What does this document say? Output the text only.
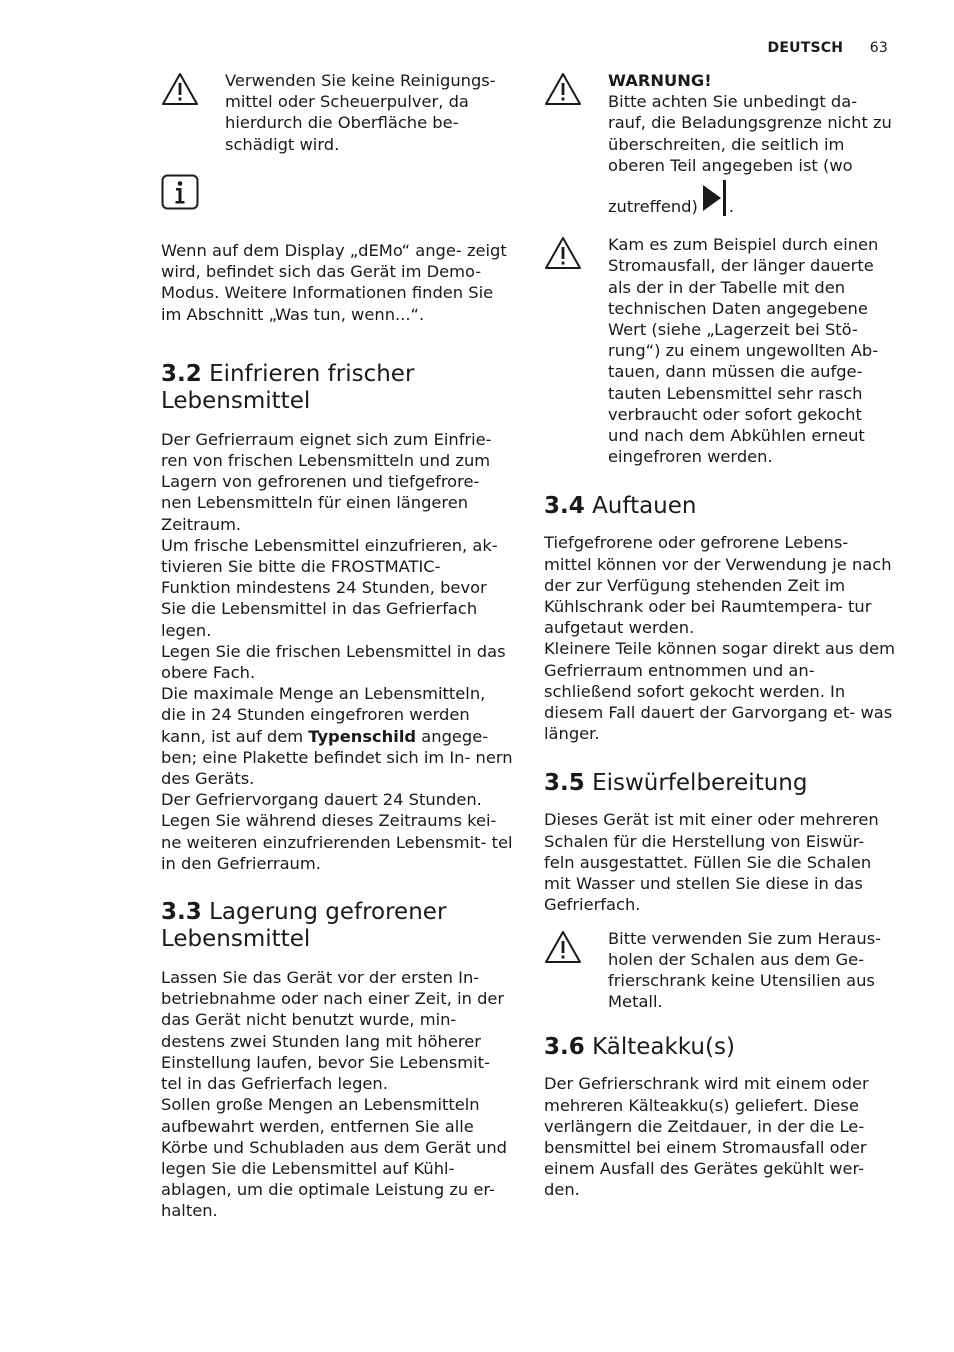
DEUTSCH 63

Verwenden Sie keine Reinigungs- mittel oder Scheuerpulver, da hierdurch die Oberfläche be- schädigt wird.

Wenn auf dem Display „dEMo“ ange- zeigt wird, befindet sich das Gerät im Demo-Modus. Weitere Informationen finden Sie im Abschnitt „Was tun, wenn...“.

3.2 Einfrieren frischer Lebensmittel

Der Gefrierraum eignet sich zum Einfrie- ren von frischen Lebensmitteln und zum Lagern von gefrorenen und tiefgefrore- nen Lebensmitteln für einen längeren Zeitraum.

Um frische Lebensmittel einzufrieren, ak- tivieren Sie bitte die FROSTMATIC- Funktion mindestens 24 Stunden, bevor Sie die Lebensmittel in das Gefrierfach legen.

Legen Sie die frischen Lebensmittel in das obere Fach.

Die maximale Menge an Lebensmitteln, die in 24 Stunden eingefroren werden kann, ist auf dem Typenschild angege- ben; eine Plakette befindet sich im In- nern des Geräts.

Der Gefriervorgang dauert 24 Stunden. Legen Sie während dieses Zeitraums kei- ne weiteren einzufrierenden Lebensmit- tel in den Gefrierraum.

3.3 Lagerung gefrorener Lebensmittel

Lassen Sie das Gerät vor der ersten In- betriebnahme oder nach einer Zeit, in der das Gerät nicht benutzt wurde, min- destens zwei Stunden lang mit höherer Einstellung laufen, bevor Sie Lebensmit- tel in das Gefrierfach legen.

Sollen große Mengen an Lebensmitteln aufbewahrt werden, entfernen Sie alle Körbe und Schubladen aus dem Gerät und legen Sie die Lebensmittel auf Kühl- ablagen, um die optimale Leistung zu er- halten.

WARNUNG!

Bitte achten Sie unbedingt da- rauf, die Beladungsgrenze nicht zu überschreiten, die seitlich im oberen Teil angegeben ist (wo

zutreffend) .

Kam es zum Beispiel durch einen Stromausfall, der länger dauerte als der in der Tabelle mit den technischen Daten angegebene Wert (siehe „Lagerzeit bei Stö- rung“) zu einem ungewollten Ab- tauen, dann müssen die aufge- tauten Lebensmittel sehr rasch verbraucht oder sofort gekocht und nach dem Abkühlen erneut eingefroren werden.

3.4 Auftauen

Tiefgefrorene oder gefrorene Lebens- mittel können vor der Verwendung je nach der zur Verfügung stehenden Zeit im Kühlschrank oder bei Raumtempera- tur aufgetaut werden.

Kleinere Teile können sogar direkt aus dem Gefrierraum entnommen und an- schließend sofort gekocht werden. In diesem Fall dauert der Garvorgang et- was länger.

3.5 Eiswürfelbereitung

Dieses Gerät ist mit einer oder mehreren Schalen für die Herstellung von Eiswür- feln ausgestattet. Füllen Sie die Schalen mit Wasser und stellen Sie diese in das Gefrierfach.

Bitte verwenden Sie zum Heraus- holen der Schalen aus dem Ge- frierschrank keine Utensilien aus Metall.

3.6 Kälteakku(s)

Der Gefrierschrank wird mit einem oder mehreren Kälteakku(s) geliefert. Diese verlängern die Zeitdauer, in der die Le- bensmittel bei einem Stromausfall oder einem Ausfall des Gerätes gekühlt wer- den.
